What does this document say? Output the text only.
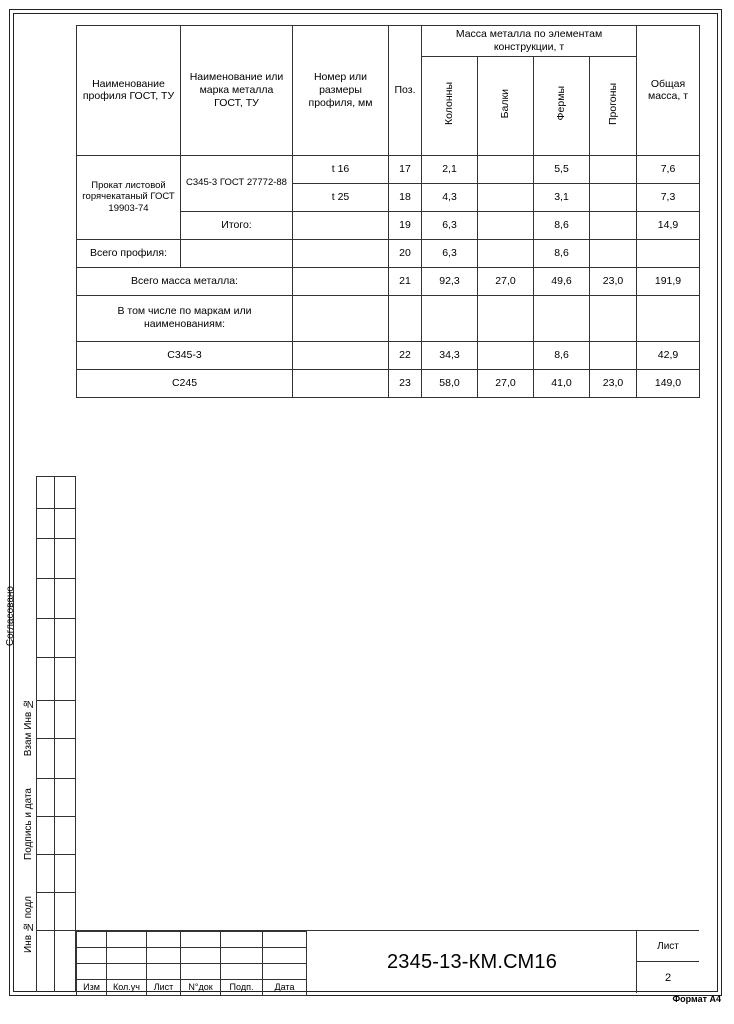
Наименование профиля ГОСТ, ТУ	Наименование или марка металла ГОСТ, ТУ	Номер или размеры профиля, мм	Поз.	Масса металла по элементам конструкции, т				Общая масса, т
				Колонны	Балки	Фермы	Прогоны	
Прокат листовой горячекатаный ГОСТ 19903-74	С345-3 ГОСТ 27772-88	t 16	17	2,1		5,5		7,6
		t 25	18	4,3		3,1		7,3
	Итого:		19	6,3		8,6		14,9
Всего профиля:			20	6,3		8,6		
Всего масса металла:			21	92,3	27,0	49,6	23,0	191,9
В том числе по маркам или наименованиям:								
С345-3			22	34,3		8,6		42,9
С245			23	58,0	27,0	41,0	23,0	149,0
Согласовано
Взам Инв №
Подпись и дата
Инв № подл

Изм	Кол.уч	Лист	N°док	Подп.	Дата
2345-13-КМ.СМ16
Лист
2
Формат А4
